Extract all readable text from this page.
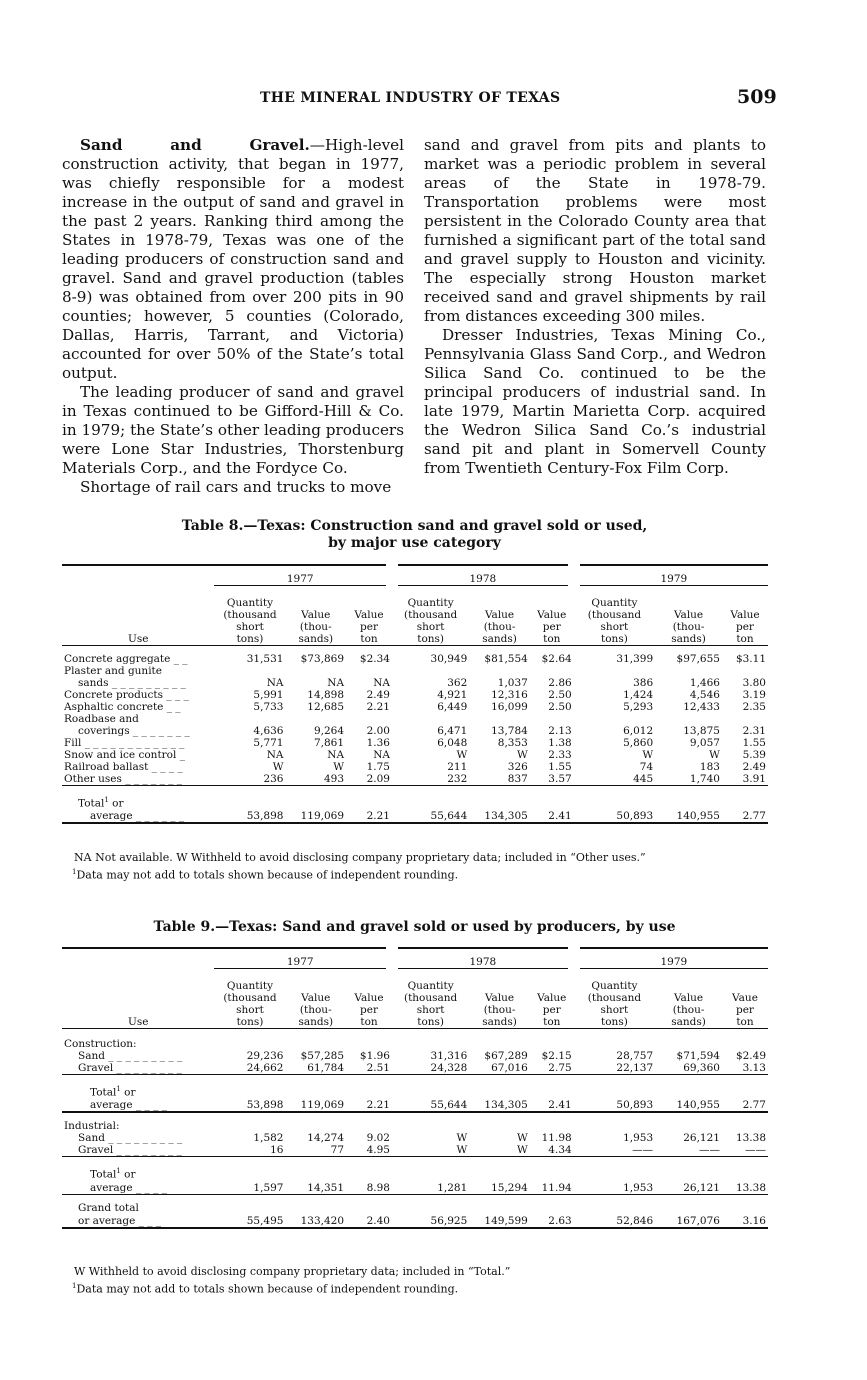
THE MINERAL INDUSTRY OF TEXAS	509

Sand and Gravel.—High-level construction activity, that began in 1977, was chiefly responsible for a modest increase in the output of sand and gravel in the past 2 years. Ranking third among the States in 1978-79, Texas was one of the leading producers of construction sand and gravel. Sand and gravel production (tables 8-9) was obtained from over 200 pits in 90 counties; however, 5 counties (Colorado, Dallas, Harris, Tarrant, and Victoria) accounted for over 50% of the State’s total output.

The leading producer of sand and gravel in Texas continued to be Gifford-Hill & Co. in 1979; the State’s other leading producers were Lone Star Industries, Thorstenburg Materials Corp., and the Fordyce Co.

Shortage of rail cars and trucks to move

sand and gravel from pits and plants to market was a periodic problem in several areas of the State in 1978-79. Transportation problems were most persistent in the Colorado County area that furnished a significant part of the total sand and gravel supply to Houston and vicinity. The especially strong Houston market received sand and gravel shipments by rail from distances exceeding 300 miles.

Dresser Industries, Texas Mining Co., Pennsylvania Glass Sand Corp., and Wedron Silica Sand Co. continued to be the principal producers of industrial sand. In late 1979, Martin Marietta Corp. acquired the Wedron Silica Sand Co.’s industrial sand pit and plant in Somervell County from Twentieth Century-Fox Film Corp.

Table 8.—Texas: Construction sand and gravel sold or used,
by major use category
Use	1977			1978			1979		
	Quantity
(thousand
short
tons)	Value
(thou-
sands)	Value
per
ton	Quantity
(thousand
short
tons)	Value
(thou-
sands)	Value
per
ton	Quantity
(thousand
short
tons)	Value
(thou-
sands)	Value
per
ton
Concrete aggregate _ _	31,531	$73,869	$2.34	30,949	$81,554	$2.64	31,399	$97,655	$3.11
Plaster and gunite									
sands _ _ _ _ _ _ _ _ _	NA	NA	NA	362	1,037	2.86	386	1,466	3.80
Concrete products _ _ _	5,991	14,898	2.49	4,921	12,316	2.50	1,424	4,546	3.19
Asphaltic concrete _ _	5,733	12,685	2.21	6,449	16,099	2.50	5,293	12,433	2.35
Roadbase and									
coverings _ _ _ _ _ _ _	4,636	9,264	2.00	6,471	13,784	2.13	6,012	13,875	2.31
Fill _ _ _ _ _ _ _ _ _ _ _ _	5,771	7,861	1.36	6,048	8,353	1.38	5,860	9,057	1.55
Snow and ice control _	NA	NA	NA	W	W	2.33	W	W	5.39
Railroad ballast _ _ _ _	W	W	1.75	211	326	1.55	74	183	2.49
Other uses _ _ _ _ _ _ _	236	493	2.09	232	837	3.57	445	1,740	3.91

Total$^1$ or									
average _ _ _ _ _ _	53,898	119,069	2.21	55,644	134,305	2.41	50,893	140,955	2.77
NA Not available. W Withheld to avoid disclosing company proprietary data; included in “Other uses.”
$^1$Data may not add to totals shown because of independent rounding.
Table 9.—Texas: Sand and gravel sold or used by producers, by use
Use	1977			1978			1979		
	Quantity
(thousand
short
tons)	Value
(thou-
sands)	Value
per
ton	Quantity
(thousand
short
tons)	Value
(thou-
sands)	Value
per
ton	Quantity
(thousand
short
tons)	Value
(thou-
sands)	Vaue
per
ton
Construction:									
Sand _ _ _ _ _ _ _ _ _	29,236	$57,285	$1.96	31,316	$67,289	$2.15	28,757	$71,594	$2.49
Gravel _ _ _ _ _ _ _ _	24,662	61,784	2.51	24,328	67,016	2.75	22,137	69,360	3.13

Total$^1$ or									
average _ _ _ _	53,898	119,069	2.21	55,644	134,305	2.41	50,893	140,955	2.77
Industrial:									
Sand _ _ _ _ _ _ _ _ _	1,582	14,274	9.02	W	W	11.98	1,953	26,121	13.38
Gravel _ _ _ _ _ _ _ _	16	77	4.95	W	W	4.34	——	——	——

Total$^1$ or									
average _ _ _ _	1,597	14,351	8.98	1,281	15,294	11.94	1,953	26,121	13.38
Grand total									
or average _ _ _	55,495	133,420	2.40	56,925	149,599	2.63	52,846	167,076	3.16
W Withheld to avoid disclosing company proprietary data; included in “Total.”
$^1$Data may not add to totals shown because of independent rounding.
